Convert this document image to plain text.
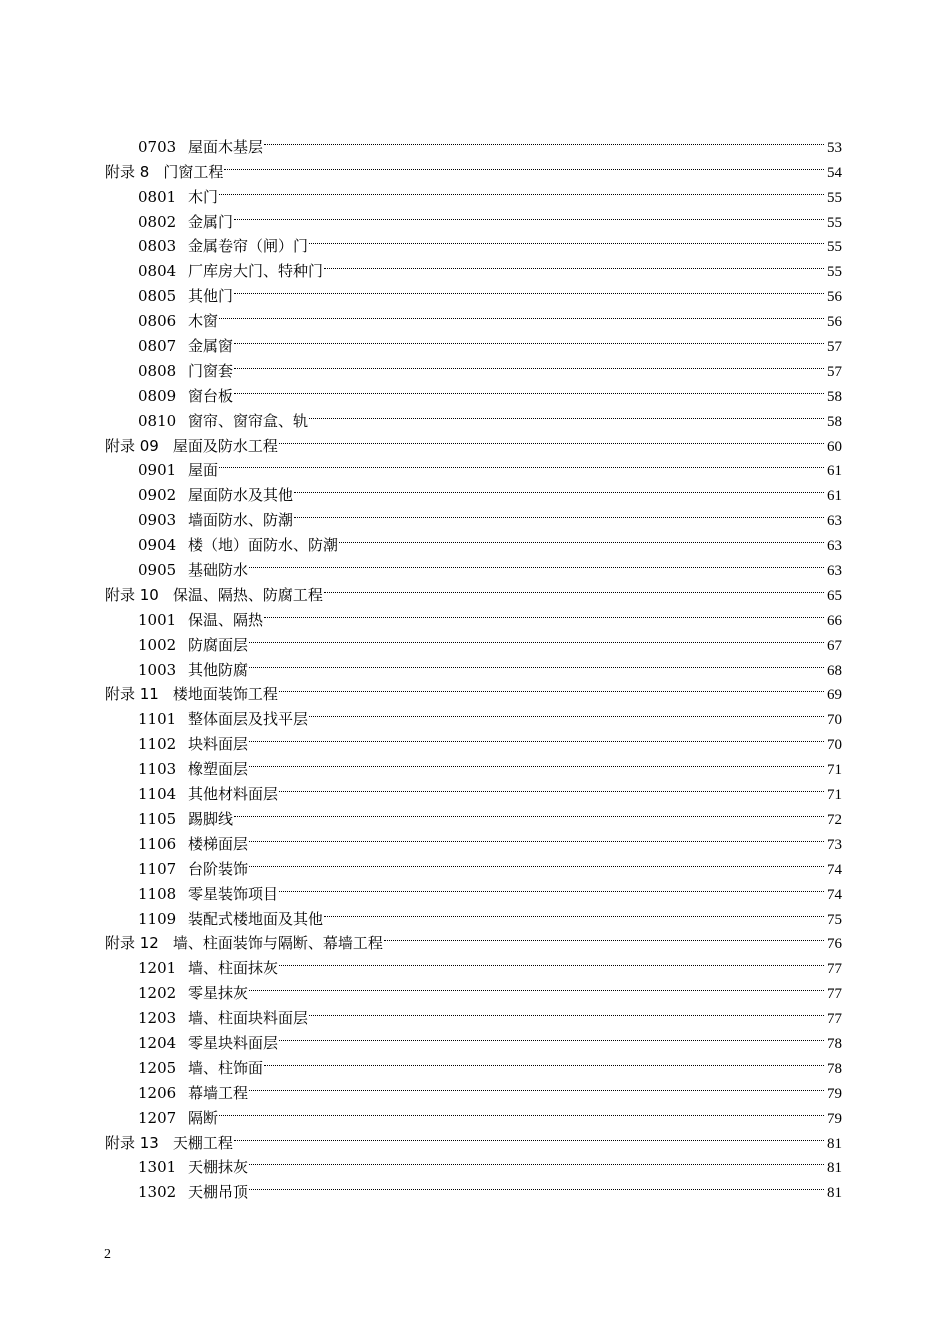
0703 屋面木基层	53
附录 8 门窗工程	54
0801 木门	55
0802 金属门	55
0803 金属卷帘（闸）门	55
0804 厂库房大门、特种门	55
0805 其他门	56
0806 木窗	56
0807 金属窗	57
0808 门窗套	57
0809 窗台板	58
0810 窗帘、窗帘盒、轨	58
附录 09 屋面及防水工程	60
0901 屋面	61
0902 屋面防水及其他	61
0903 墙面防水、防潮	63
0904 楼（地）面防水、防潮	63
0905 基础防水	63
附录 10 保温、隔热、防腐工程	65
1001 保温、隔热	66
1002 防腐面层	67
1003 其他防腐	68
附录 11 楼地面装饰工程	69
1101 整体面层及找平层	70
1102 块料面层	70
1103 橡塑面层	71
1104 其他材料面层	71
1105 踢脚线	72
1106 楼梯面层	73
1107 台阶装饰	74
1108 零星装饰项目	74
1109 装配式楼地面及其他	75
附录 12 墙、柱面装饰与隔断、幕墙工程	76
1201 墙、柱面抹灰	77
1202 零星抹灰	77
1203 墙、柱面块料面层	77
1204 零星块料面层	78
1205 墙、柱饰面	78
1206 幕墙工程	79
1207 隔断	79
附录 13 天棚工程	81
1301 天棚抹灰	81
1302 天棚吊顶	81
2
